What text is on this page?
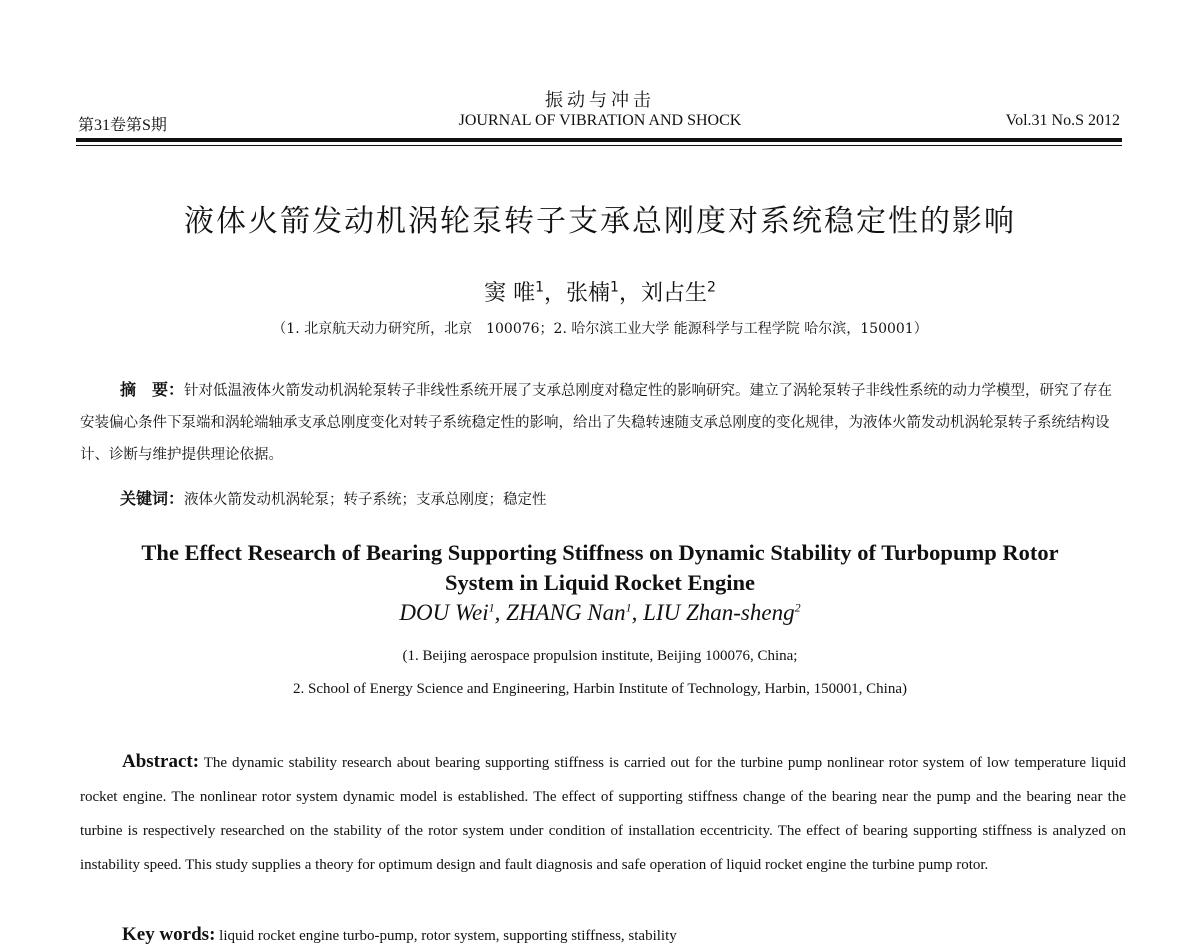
振动与冲击
第31卷第S期	JOURNAL OF VIBRATION AND SHOCK	Vol.31 No.S 2012
液体火箭发动机涡轮泵转子支承总刚度对系统稳定性的影响
窦 唯$^1$，张楠$^1$，刘占生$^2$
（1. 北京航天动力研究所，北京　100076；2. 哈尔滨工业大学 能源科学与工程学院 哈尔滨，150001）

摘　要：针对低温液体火箭发动机涡轮泵转子非线性系统开展了支承总刚度对稳定性的影响研究。建立了涡轮泵转子非线性系统的动力学模型，研究了存在安装偏心条件下泵端和涡轮端轴承支承总刚度变化对转子系统稳定性的影响，给出了失稳转速随支承总刚度的变化规律，为液体火箭发动机涡轮泵转子系统结构设计、诊断与维护提供理论依据。

关键词：液体火箭发动机涡轮泵；转子系统；支承总刚度；稳定性

The Effect Research of Bearing Supporting Stiffness on Dynamic Stability of Turbopump Rotor
System in Liquid Rocket Engine

DOU Wei$^1$, ZHANG Nan$^1$, LIU Zhan-sheng$^2$
(1. Beijing aerospace propulsion institute, Beijing 100076, China;
2. School of Energy Science and Engineering, Harbin Institute of Technology, Harbin, 150001, China)

Abstract: The dynamic stability research about bearing supporting stiffness is carried out for the turbine pump nonlinear rotor system of low temperature liquid rocket engine. The nonlinear rotor system dynamic model is established. The effect of supporting stiffness change of the bearing near the pump and the bearing near the turbine is respectively researched on the stability of the rotor system under condition of installation eccentricity. The effect of bearing supporting stiffness is analyzed on instability speed. This study supplies a theory for optimum design and fault diagnosis and safe operation of liquid rocket engine the turbine pump rotor.

Key words: liquid rocket engine turbo-pump, rotor system, supporting stiffness, stability
